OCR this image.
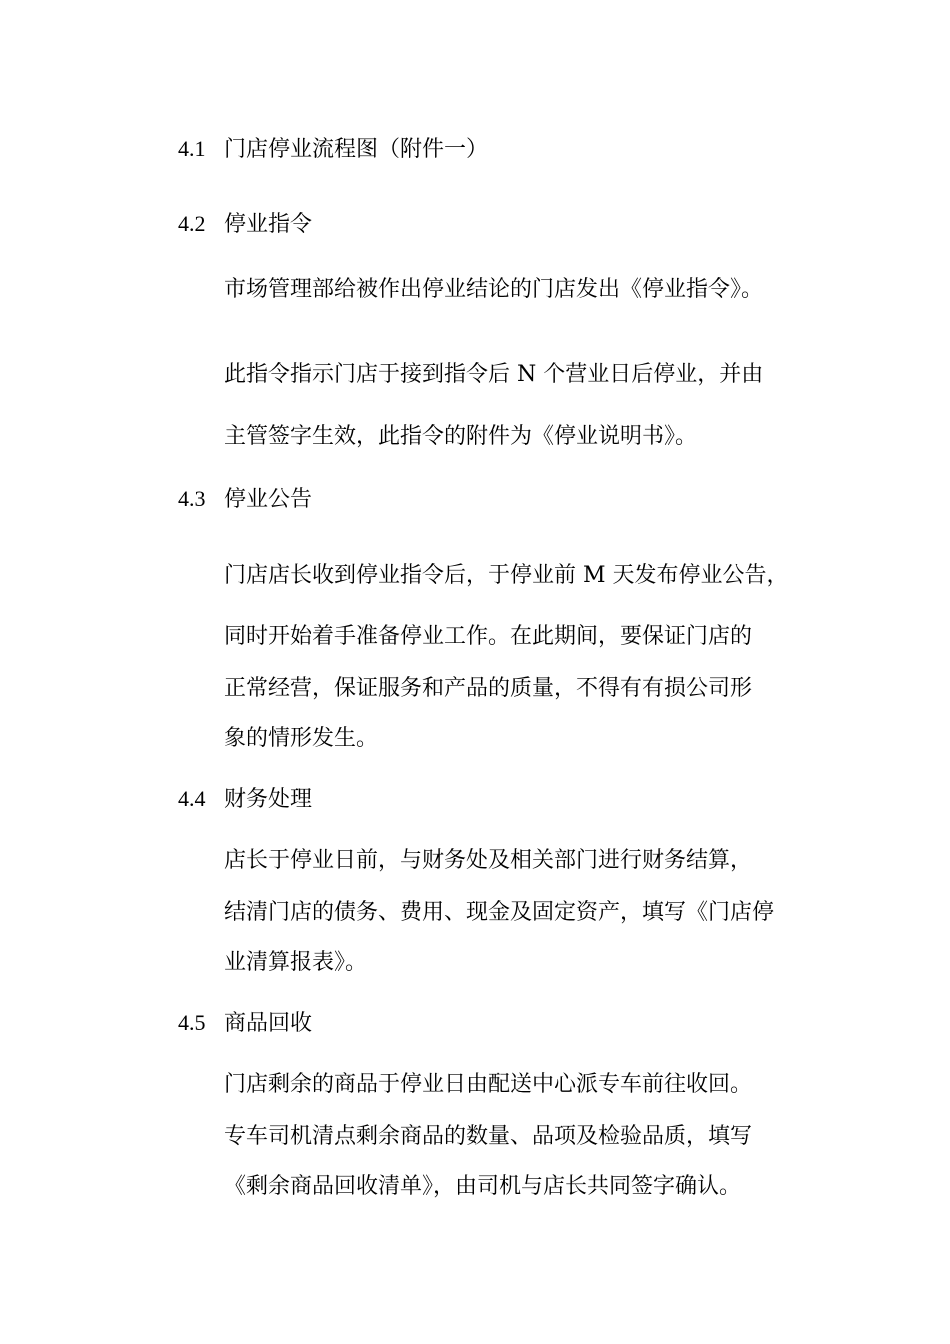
4.1 门店停业流程图（附件一）
4.2 停业指令
市场管理部给被作出停业结论的门店发出《停业指令》。
此指令指示门店于接到指令后 N 个营业日后停业，并由
主管签字生效，此指令的附件为《停业说明书》。
4.3 停业公告
门店店长收到停业指令后，于停业前 M 天发布停业公告，
同时开始着手准备停业工作。在此期间，要保证门店的
正常经营，保证服务和产品的质量，不得有有损公司形
象的情形发生。
4.4 财务处理
店长于停业日前，与财务处及相关部门进行财务结算，
结清门店的债务、费用、现金及固定资产，填写《门店停
业清算报表》。
4.5 商品回收
门店剩余的商品于停业日由配送中心派专车前往收回。
专车司机清点剩余商品的数量、品项及检验品质，填写
《剩余商品回收清单》，由司机与店长共同签字确认。
